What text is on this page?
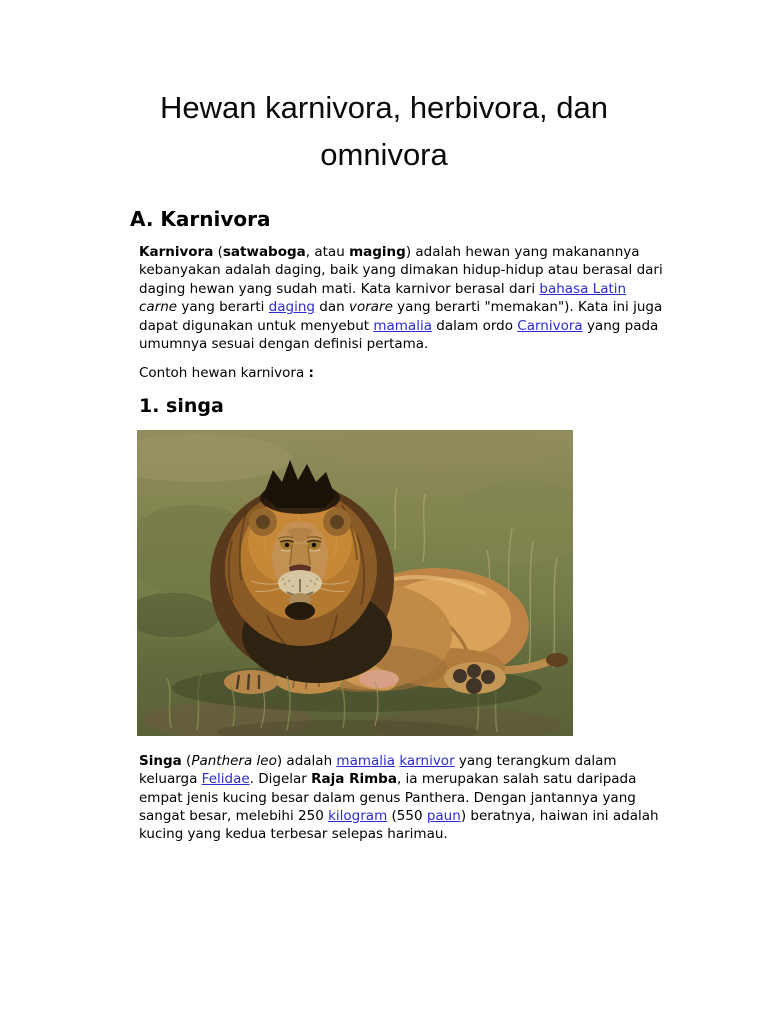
Hewan karnivora, herbivora, dan omnivora
A. Karnivora

Karnivora (satwaboga, atau maging) adalah hewan yang makanannya kebanyakan adalah daging, baik yang dimakan hidup-hidup atau berasal dari daging hewan yang sudah mati. Kata karnivor berasal dari bahasa Latin carne yang berarti daging dan vorare yang berarti "memakan"). Kata ini juga dapat digunakan untuk menyebut mamalia dalam ordo Carnivora yang pada umumnya sesuai dengan definisi pertama.

Contoh hewan karnivora :

1. singa

Singa (Panthera leo) adalah mamalia karnivor yang terangkum dalam keluarga Felidae. Digelar Raja Rimba, ia merupakan salah satu daripada empat jenis kucing besar dalam genus Panthera. Dengan jantannya yang sangat besar, melebihi 250 kilogram (550 paun) beratnya, haiwan ini adalah kucing yang kedua terbesar selepas harimau.
